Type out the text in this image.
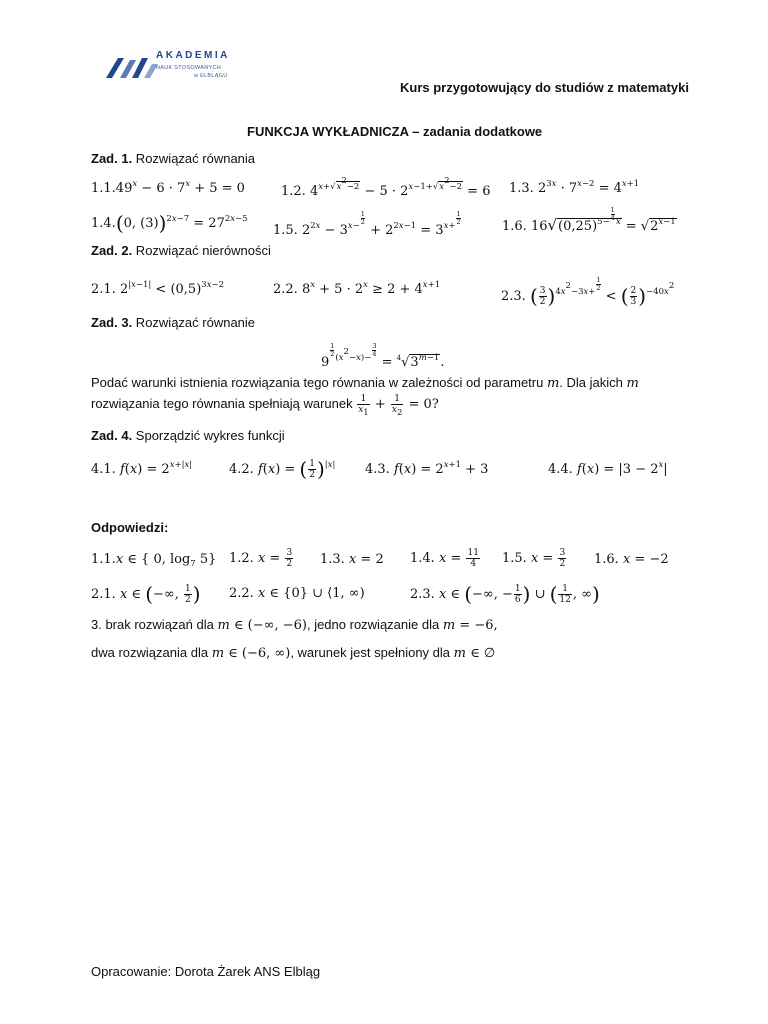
AKADEMIA
NAUK STOSOWANYCH
w ELBLĄGU
Kurs przygotowujący do studiów z matematyki
FUNKCJA WYKŁADNICZA – zadania dodatkowe
Zad. 1. Rozwiązać równania
$1.1.49^x - 6 \cdot 7^x + 5 = 0$	1.2. $4^{x+√x^2-2} - 5 \cdot 2^{x-1+√x^2-2} = 6$ 1.3. $2^{3x} \cdot 7^{x-2} = 4^{x+1}$
1.4.(0, $(3))^{2x-7} = 27^{2x-5}$
1.5. $2^{2x} - 3^{x- \frac{1}{2}}$
+ $2^{2x-1} = 3^{x+ \frac{1}{2}}$
1.6. $16√(0,25)^{5- \frac{1}{4} x} = √2^{x-1}$
Zad. 2. Rozwiązać nierówności
2.1. $2^{|x-1|} < (0,5)^{3x-2}$	2.2. $8^x + 5 \cdot 2^x \ge 2 + 4^{x+1}$
2.3. ( $\frac{3}{2} )^{4x^2-3x+ \frac{1}{2}}$
< ( $\frac{2}{3} )^{-40x^2}$
Zad. 3. Rozwiązać równanie
9
$^{\frac{1}{2} (x^2-x)- \frac{3}{4}}$
= $^4√3^{m-1}$.
Podać warunki istnienia rozwiązania tego równania w zależności od parametru m. Dla jakich m
rozwiązania tego równania spełniają warunek $\frac{1}{x_1} + \frac{1}{x_2} = 0$?
Zad. 4. Sporządzić wykres funkcji
4.1. $f(x) = 2^{x+|x|}$	4.2. f(x) = ( $\frac{1}{2} )^{|x|}$ 4.3. $f(x) = 2^{x+1} + 3$	4.4. $f(x) = |3 - 2^x|$
Odpowiedzi:
1.1.x ∈ { 0, $\log_7 5$} 1.2. $x = \frac{3}{2} 1.3$. x = 2 1.4. $x = \frac{11}{4} 1.5$. $x = \frac{3}{2} 1.6$. x = −2
2.1. x ∈ (−∞, $\frac{1}{2}$ ) 2.2. x ∈ {0} ∪ ⟨1, ∞)	2.3. x ∈ (−∞, − $\frac{1}{6}$ ) ∪ ( $\frac{1}{12}$ , ∞)
3. brak rozwiązań dla m ∈ (−∞, −6), jedno rozwiązanie dla m = −6,
dwa rozwiązania dla m ∈ (−6, ∞), warunek jest spełniony dla m ∈ ∅
Opracowanie: Dorota Żarek ANS Elbląg
